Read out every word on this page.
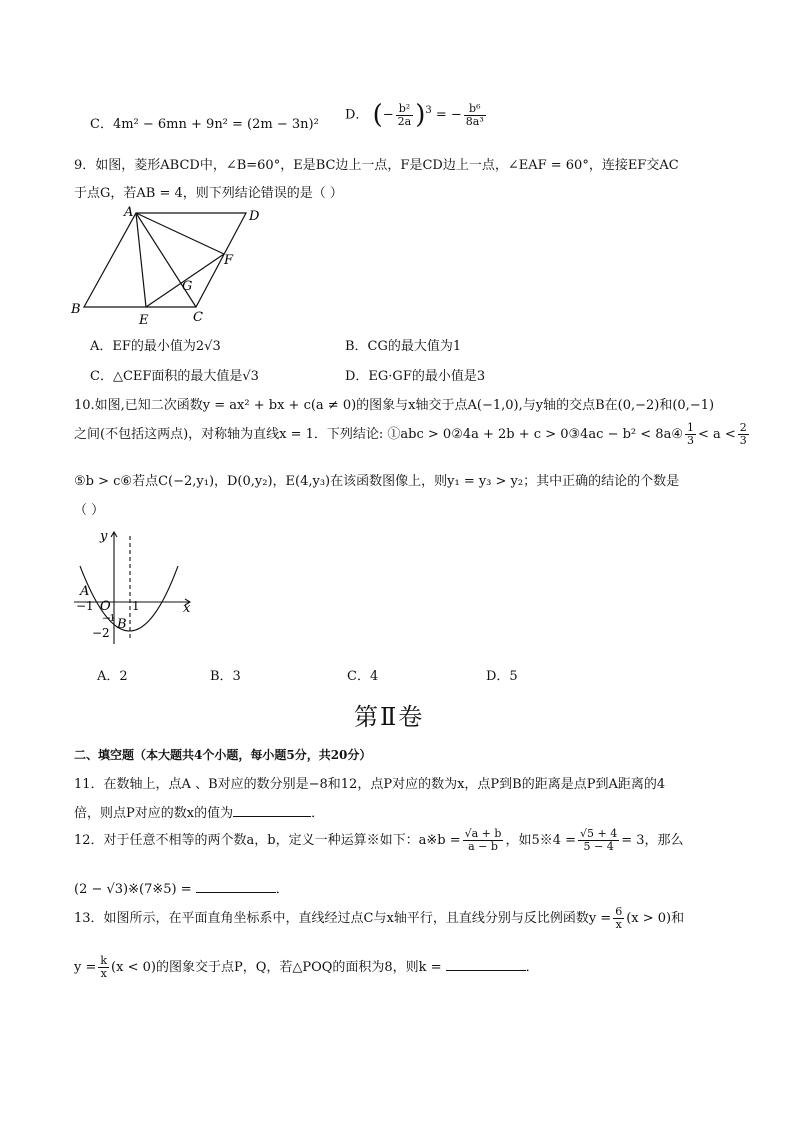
C．4m² − 6mn + 9n² = (2m − 3n)²
D． (− $\frac{\text{b²}}{2a} )^3$ = − $\frac{\text{b⁶}}{\text{8a³}}$
9．如图，菱形ABCD中，∠B=60°，E是BC边上一点，F是CD边上一点，∠EAF = 60°，连接EF交AC
于点G，若AB = 4，则下列结论错误的是（ ）
A	D
F
G
B
E	C
A．EF的最小值为2√3	B．CG的最大值为1
C．△CEF面积的最大值是√3	D．EG·GF的最小值是3
10.如图,已知二次函数y = ax² + bx + c(a ≠ 0)的图象与x轴交于点A(−1,0),与y轴的交点B在(0,−2)和(0,−1)
之间(不包括这两点)，对称轴为直线x = 1．下列结论: ①abc > 0②4a + 2b + c > 0③4ac − b² < 8a④ $\frac{1}{3} < a < \frac{2}{3}$
⑤b > c⑥若点C(−2,y₁)，D(0,y₂)，E(4,y₃)在该函数图像上，则y₁ = y₃ > y₂；其中正确的结论的个数是
（ ）
y
x
A
−1 O 1
−1 B
−2
A．2	B．3	C．4	D．5
第Ⅱ卷
二、填空题（本大题共4个小题，每小题5分，共20分）
11．在数轴上，点A 、B对应的数分别是−8和12，点P对应的数为x，点P到B的距离是点P到A距离的4
倍，则点P对应的数x的值为	．
12．对于任意不相等的两个数a，b，定义一种运算※如下：a※b = $\frac{√a + b}{a - b}$ ，如5※4 = $\frac{√5 + 4}{5 - 4} = 3$，那么
(2 − √3)※(7※5) =	．
13．如图所示，在平面直角坐标系中，直线经过点C与x轴平行，且直线分别与反比例函数$y = \frac{6}{x} (x > 0)$和
$y = \frac{k}{x} (x < 0)$的图象交于点P，Q，若△POQ的面积为8，则k =	．
